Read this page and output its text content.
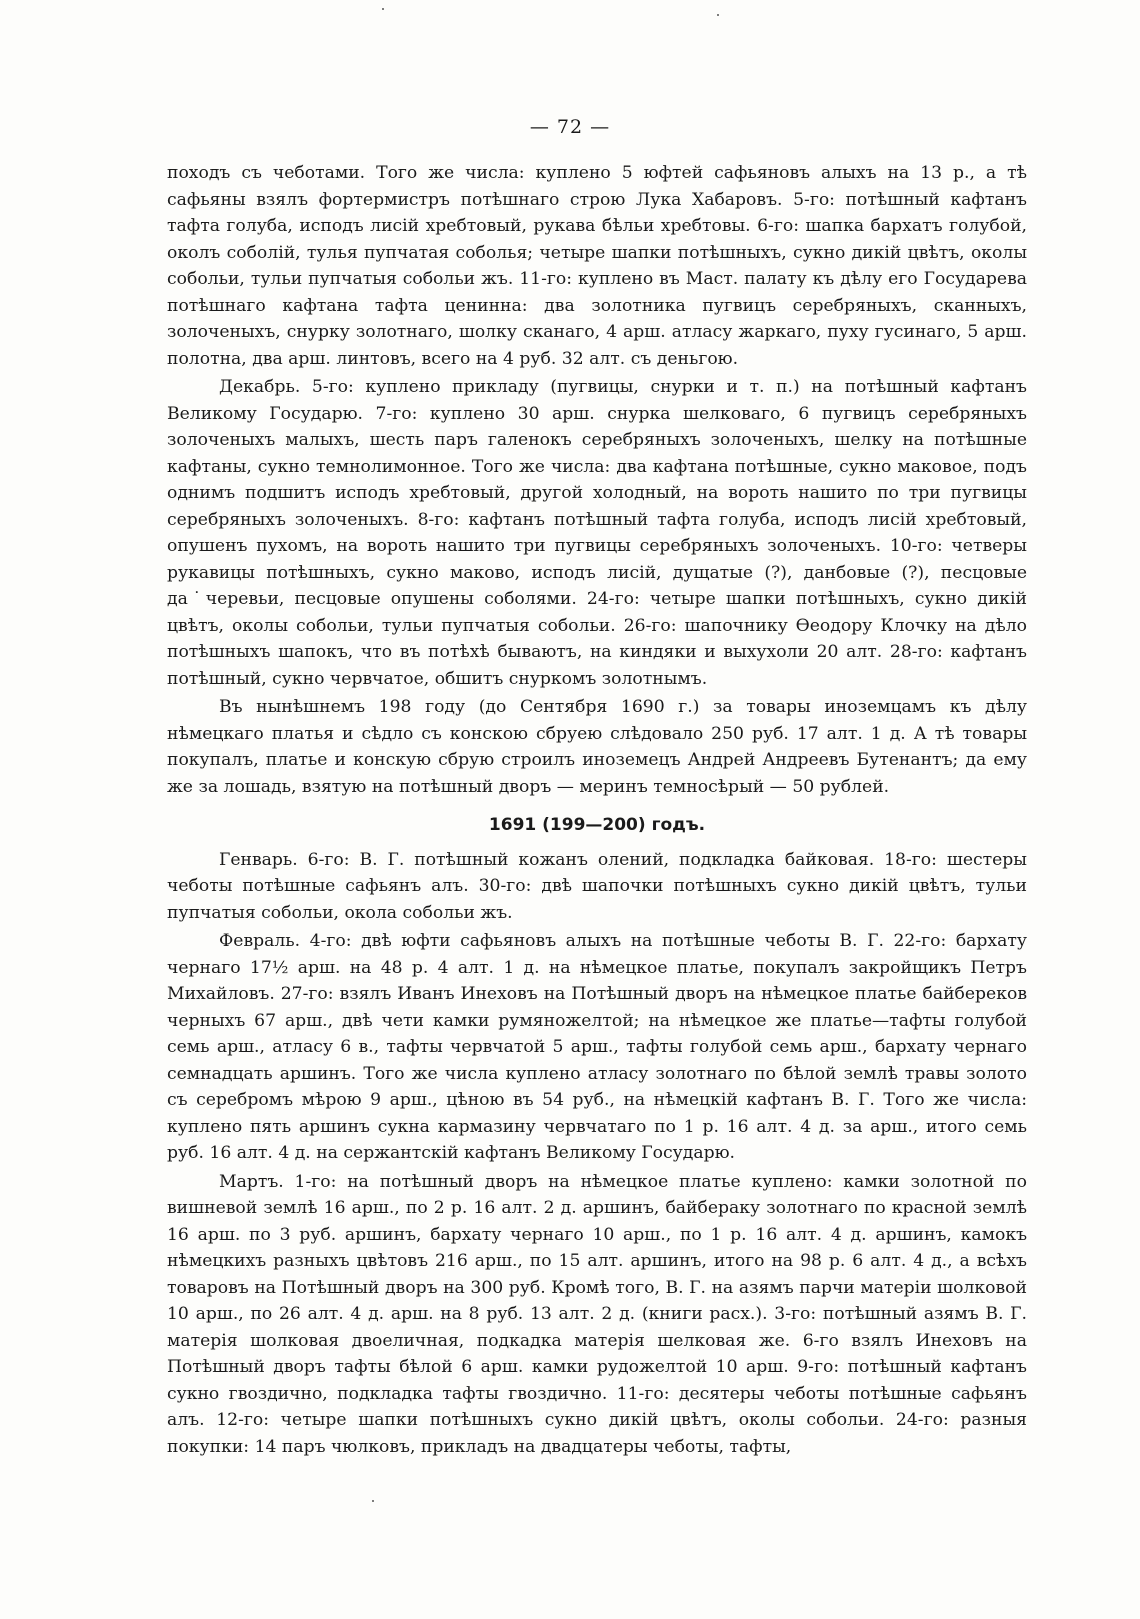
— 72 —

походъ съ чеботами. Того же числа: куплено 5 юфтей сафьяновъ алыхъ на 13 р., а тѣ сафьяны взялъ фортермистръ потѣшнаго строю Лука Хабаровъ. 5-го: потѣшный кафтанъ тафта голуба, исподъ лисій хребтовый, рукава бѣльи хребтовы. 6-го: шапка бархатъ голубой, околъ соболій, тулья пупчатая соболья; четыре шапки потѣшныхъ, сукно дикій цвѣтъ, околы собольи, тульи пупчатыя собольи жъ. 11-го: куплено въ Маст. палату къ дѣлу его Государева потѣшнаго кафтана тафта ценинна: два золотника пугвицъ серебряныхъ, сканныхъ, золоченыхъ, снурку золотнаго, шолку сканаго, 4 арш. атласу жаркаго, пуху гусинаго, 5 арш. полотна, два арш. линтовъ, всего на 4 руб. 32 алт. съ деньгою.

Декабрь. 5-го: куплено прикладу (пугвицы, снурки и т. п.) на потѣшный кафтанъ Великому Государю. 7-го: куплено 30 арш. снурка шелковаго, 6 пугвицъ серебряныхъ золоченыхъ малыхъ, шесть паръ галенокъ серебряныхъ золоченыхъ, шелку на потѣшные кафтаны, сукно темнолимонное. Того же числа: два кафтана потѣшные, сукно маковое, подъ однимъ подшитъ исподъ хребтовый, другой холодный, на вороть нашито по три пугвицы серебряныхъ золоченыхъ. 8-го: кафтанъ потѣшный тафта голуба, исподъ лисій хребтовый, опушенъ пухомъ, на вороть нашито три пугвицы серебряныхъ золоченыхъ. 10-го: четверы рукавицы потѣшныхъ, сукно маково, исподъ лисій, дущатые (?), данбовые (?), песцовые да˙черевьи, песцовые опушены соболями. 24-го: четыре шапки потѣшныхъ, сукно дикій цвѣтъ, околы собольи, тульи пупчатыя собольи. 26-го: шапочнику Ѳеодору Клочку на дѣло потѣшныхъ шапокъ, что въ потѣхѣ бываютъ, на киндяки и выхухоли 20 алт. 28-го: кафтанъ потѣшный, сукно червчатое, обшитъ снуркомъ золотнымъ.

Въ нынѣшнемъ 198 году (до Сентября 1690 г.) за товары иноземцамъ къ дѣлу нѣмецкаго платья и сѣдло съ конскою сбруею слѣдовало 250 руб. 17 алт. 1 д. А тѣ товары покупалъ, платье и конскую сбрую строилъ иноземецъ Андрей Андреевъ Бутенантъ; да ему же за лошадь, взятую на потѣшный дворъ — меринъ темносѣрый — 50 рублей.

1691 (199—200) годъ.

Генварь. 6-го: В. Г. потѣшный кожанъ олений, подкладка байковая. 18-го: шестеры чеботы потѣшные сафьянъ алъ. 30-го: двѣ шапочки потѣшныхъ сукно дикій цвѣтъ, тульи пупчатыя собольи, окола собольи жъ.

Февраль. 4-го: двѣ юфти сафьяновъ алыхъ на потѣшные чеботы В. Г. 22-го: бархату чернаго 17½ арш. на 48 р. 4 алт. 1 д. на нѣмецкое платье, покупалъ закройщикъ Петръ Михайловъ. 27-го: взялъ Иванъ Инеховъ на Потѣшный дворъ на нѣмецкое платье байбереков черныхъ 67 арш., двѣ чети камки румяножелтой; на нѣмецкое же платье—тафты голубой семь арш., атласу 6 в., тафты червчатой 5 арш., тафты голубой семь арш., бархату чернаго семнадцать аршинъ. Того же числа куплено атласу золотнаго по бѣлой землѣ травы золото съ серебромъ мѣрою 9 арш., цѣною въ 54 руб., на нѣмецкій кафтанъ В. Г. Того же числа: куплено пять аршинъ сукна кармазину червчатаго по 1 р. 16 алт. 4 д. за арш., итого семь руб. 16 алт. 4 д. на сержантскій кафтанъ Великому Государю.

Мартъ. 1-го: на потѣшный дворъ на нѣмецкое платье куплено: камки золотной по вишневой землѣ 16 арш., по 2 р. 16 алт. 2 д. аршинъ, байбераку золотнаго по красной землѣ 16 арш. по 3 руб. аршинъ, бархату чернаго 10 арш., по 1 р. 16 алт. 4 д. аршинъ, камокъ нѣмецкихъ разныхъ цвѣтовъ 216 арш., по 15 алт. аршинъ, итого на 98 р. 6 алт. 4 д., а всѣхъ товаровъ на Потѣшный дворъ на 300 руб. Кромѣ того, В. Г. на азямъ парчи матеріи шолковой 10 арш., по 26 алт. 4 д. арш. на 8 руб. 13 алт. 2 д. (книги расх.). 3-го: потѣшный азямъ В. Г. матерія шолковая двоеличная, подкадка матерія шелковая же. 6-го взялъ Инеховъ на Потѣшный дворъ тафты бѣлой 6 арш. камки рудожелтой 10 арш. 9-го: потѣшный кафтанъ сукно гвоздично, подкладка тафты гвоздично. 11-го: десятеры чеботы потѣшные сафьянъ алъ. 12-го: четыре шапки потѣшныхъ сукно дикій цвѣтъ, околы собольи. 24-го: разныя покупки: 14 паръ чюлковъ, прикладъ на двадцатеры чеботы, тафты,
